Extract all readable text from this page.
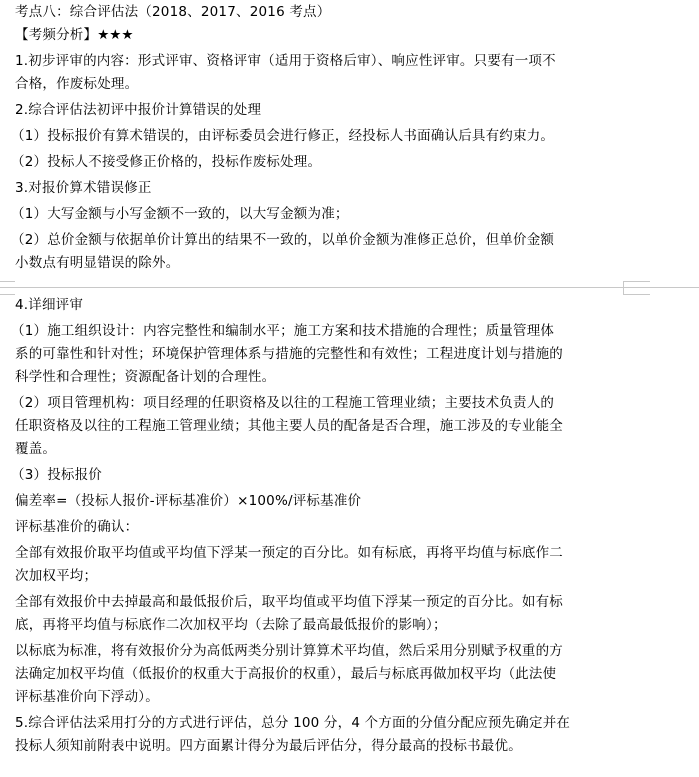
考点八：综合评估法（2018、2017、2016 考点）
【考频分析】★★★
1.初步评审的内容：形式评审、资格评审（适用于资格后审）、响应性评审。只要有一项不
合格，作废标处理。
2.综合评估法初评中报价计算错误的处理
（1）投标报价有算术错误的，由评标委员会进行修正，经投标人书面确认后具有约束力。
（2）投标人不接受修正价格的，投标作废标处理。
3.对报价算术错误修正
（1）大写金额与小写金额不一致的，以大写金额为准；
（2）总价金额与依据单价计算出的结果不一致的，以单价金额为准修正总价，但单价金额
小数点有明显错误的除外。
4.详细评审
（1）施工组织设计：内容完整性和编制水平；施工方案和技术措施的合理性；质量管理体
系的可靠性和针对性；环境保护管理体系与措施的完整性和有效性；工程进度计划与措施的
科学性和合理性；资源配备计划的合理性。
（2）项目管理机构：项目经理的任职资格及以往的工程施工管理业绩；主要技术负责人的
任职资格及以往的工程施工管理业绩；其他主要人员的配备是否合理，施工涉及的专业能全
覆盖。
（3）投标报价
偏差率=（投标人报价-评标基准价）×100%/评标基准价
评标基准价的确认：
全部有效报价取平均值或平均值下浮某一预定的百分比。如有标底，再将平均值与标底作二
次加权平均；
全部有效报价中去掉最高和最低报价后，取平均值或平均值下浮某一预定的百分比。如有标
底，再将平均值与标底作二次加权平均（去除了最高最低报价的影响）；
以标底为标准，将有效报价分为高低两类分别计算算术平均值，然后采用分别赋予权重的方
法确定加权平均值（低报价的权重大于高报价的权重），最后与标底再做加权平均（此法使
评标基准价向下浮动）。
5.综合评估法采用打分的方式进行评估，总分 100 分，4 个方面的分值分配应预先确定并在
投标人须知前附表中说明。四方面累计得分为最后评估分，得分最高的投标书最优。
